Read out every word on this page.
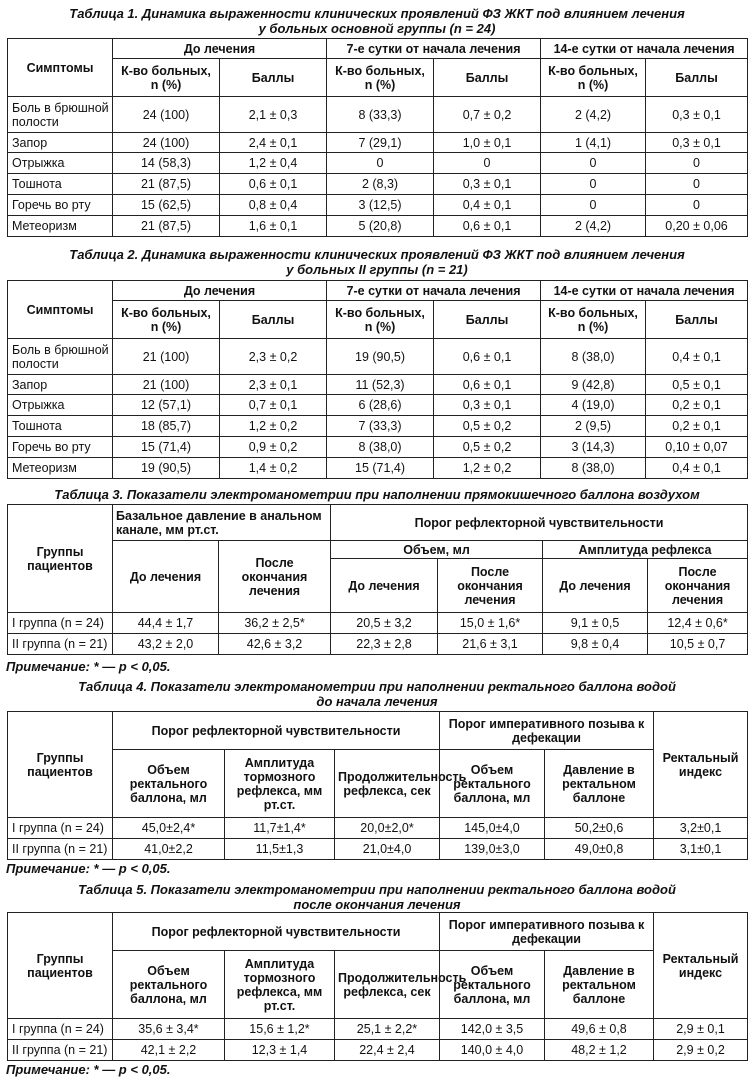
Таблица 1. Динамика выраженности клинических проявлений ФЗ ЖКТ под влиянием лечения
у больных основной группы (n = 24)
Симптомы	До лечения		7-е сутки от начала лечения		14-е сутки от начала лечения	
	К-во больных, n (%)	Баллы	К-во больных, n (%)	Баллы	К-во больных, n (%)	Баллы
Боль в брюшной полости	24 (100)	2,1 ± 0,3	8 (33,3)	0,7 ± 0,2	2 (4,2)	0,3 ± 0,1
Запор	24 (100)	2,4 ± 0,1	7 (29,1)	1,0 ± 0,1	1 (4,1)	0,3 ± 0,1
Отрыжка	14 (58,3)	1,2 ± 0,4	0	0	0	0
Тошнота	21 (87,5)	0,6 ± 0,1	2 (8,3)	0,3 ± 0,1	0	0
Горечь во рту	15 (62,5)	0,8 ± 0,4	3 (12,5)	0,4 ± 0,1	0	0
Метеоризм	21 (87,5)	1,6 ± 0,1	5 (20,8)	0,6 ± 0,1	2 (4,2)	0,20 ± 0,06
Таблица 2. Динамика выраженности клинических проявлений ФЗ ЖКТ под влиянием лечения
у больных II группы (n = 21)
Симптомы	До лечения		7-е сутки от начала лечения		14-е сутки от начала лечения	
	К-во больных, n (%)	Баллы	К-во больных, n (%)	Баллы	К-во больных, n (%)	Баллы
Боль в брюшной полости	21 (100)	2,3 ± 0,2	19 (90,5)	0,6 ± 0,1	8 (38,0)	0,4 ± 0,1
Запор	21 (100)	2,3 ± 0,1	11 (52,3)	0,6 ± 0,1	9 (42,8)	0,5 ± 0,1
Отрыжка	12 (57,1)	0,7 ± 0,1	6 (28,6)	0,3 ± 0,1	4 (19,0)	0,2 ± 0,1
Тошнота	18 (85,7)	1,2 ± 0,2	7 (33,3)	0,5 ± 0,2	2 (9,5)	0,2 ± 0,1
Горечь во рту	15 (71,4)	0,9 ± 0,2	8 (38,0)	0,5 ± 0,2	3 (14,3)	0,10 ± 0,07
Метеоризм	19 (90,5)	1,4 ± 0,2	15 (71,4)	1,2 ± 0,2	8 (38,0)	0,4 ± 0,1
Таблица 3. Показатели электроманометрии при наполнении прямокишечного баллона воздухом
Группы пациентов	Базальное давление в анальном канале, мм рт.ст.		Порог рефлекторной чувствительности			
	До лечения	После окончания лечения	Объем, мл		Амплитуда рефлекса	
			До лечения	После окончания лечения	До лечения	После окончания лечения
I группа (n = 24)	44,4 ± 1,7	36,2 ± 2,5*	20,5 ± 3,2	15,0 ± 1,6*	9,1 ± 0,5	12,4 ± 0,6*
II группа (n = 21)	43,2 ± 2,0	42,6 ± 3,2	22,3 ± 2,8	21,6 ± 3,1	9,8 ± 0,4	10,5 ± 0,7
Примечание: * — p < 0,05.
Таблица 4. Показатели электроманометрии при наполнении ректального баллона водой
до начала лечения
Группы пациентов	Порог рефлекторной чувствительности			Порог императивного позыва к дефекации		Ректальный индекс
	Объем ректального баллона, мл	Амплитуда тормозного рефлекса, мм рт.ст.	Продолжительность рефлекса, сек	Объем ректального баллона, мл	Давление в ректальном баллоне	
I группа (n = 24)	45,0±2,4*	11,7±1,4*	20,0±2,0*	145,0±4,0	50,2±0,6	3,2±0,1
II группа (n = 21)	41,0±2,2	11,5±1,3	21,0±4,0	139,0±3,0	49,0±0,8	3,1±0,1
Примечание: * — p < 0,05.
Таблица 5. Показатели электроманометрии при наполнении ректального баллона водой
после окончания лечения
Группы пациентов	Порог рефлекторной чувствительности			Порог императивного позыва к дефекации		Ректальный индекс
	Объем ректального баллона, мл	Амплитуда тормозного рефлекса, мм рт.ст.	Продолжительность рефлекса, сек	Объем ректального баллона, мл	Давление в ректальном баллоне	
I группа (n = 24)	35,6 ± 3,4*	15,6 ± 1,2*	25,1 ± 2,2*	142,0 ± 3,5	49,6 ± 0,8	2,9 ± 0,1
II группа (n = 21)	42,1 ± 2,2	12,3 ± 1,4	22,4 ± 2,4	140,0 ± 4,0	48,2 ± 1,2	2,9 ± 0,2
Примечание: * — p < 0,05.
